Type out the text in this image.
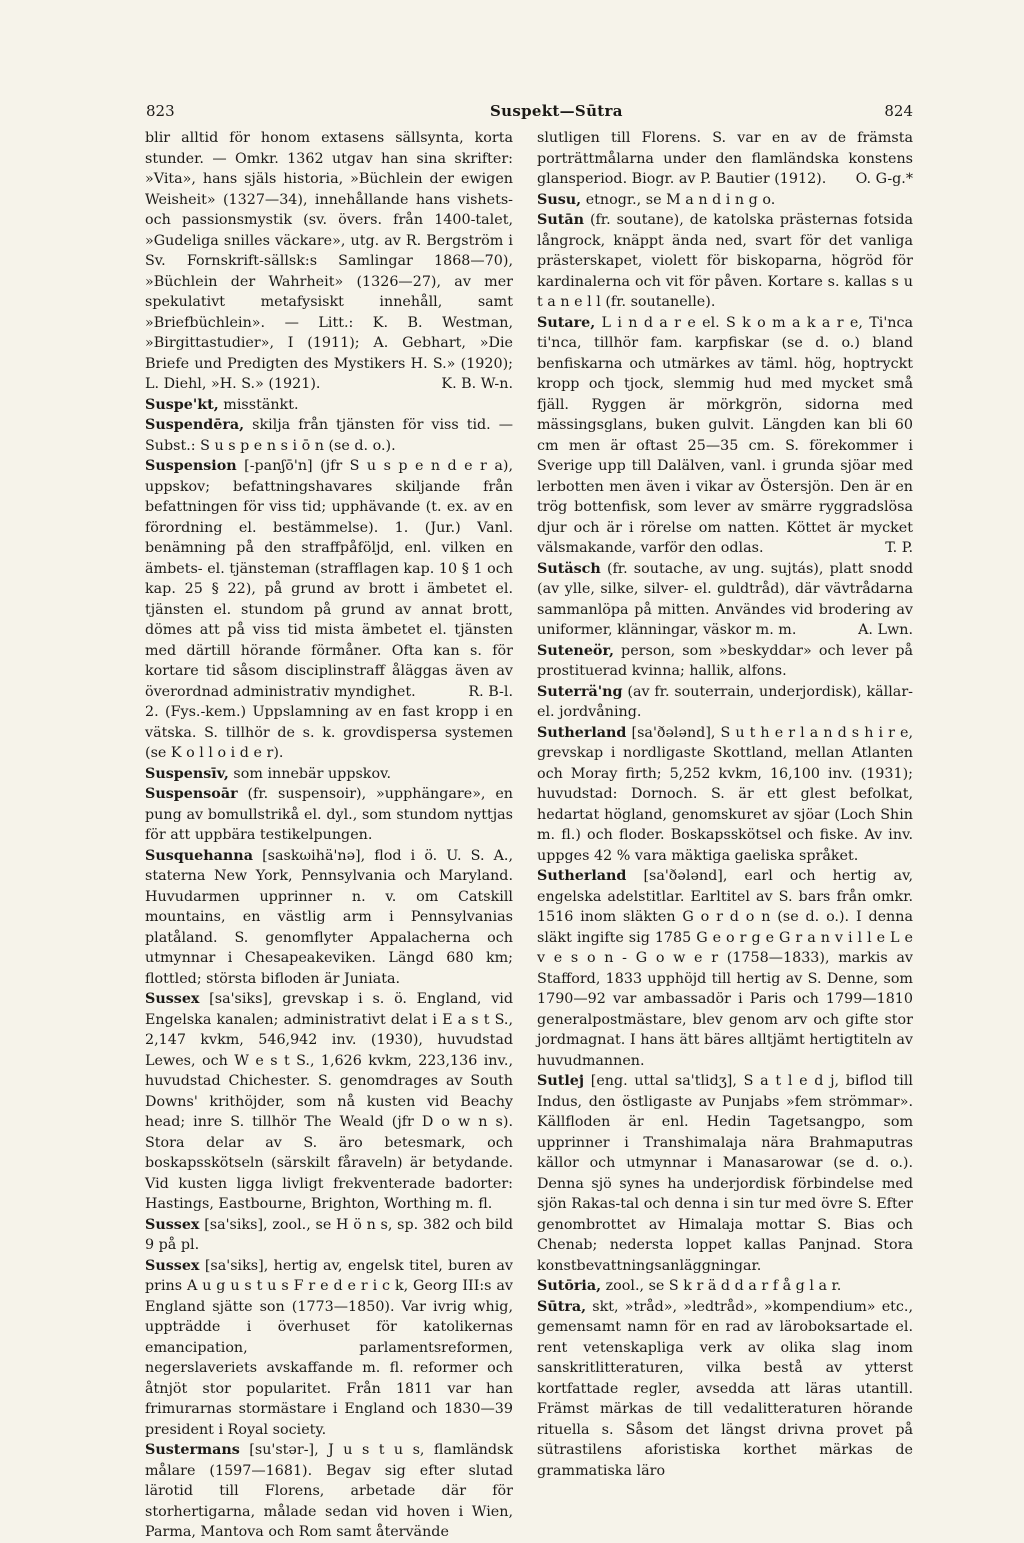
823	Suspekt—Sūtra	824

blir alltid för honom extasens sällsynta, korta stunder. — Omkr. 1362 utgav han sina skrifter: »Vita», hans själs historia, »Büchlein der ewigen Weisheit» (1327—34), innehållande hans vishets- och passionsmystik (sv. övers. från 1400-talet, »Gudeliga snilles väckare», utg. av R. Bergström i Sv. Fornskrift-sällsk:s Samlingar 1868—70), »Büchlein der Wahrheit» (1326—27), av mer spekulativt metafysiskt innehåll, samt »Briefbüchlein». — Litt.: K. B. Westman, »Birgittastudier», I (1911); A. Gebhart, »Die Briefe und Predigten des Mystikers H. S.» (1920); L. Diehl, »H. S.» (1921).	K. B. W-n.

Suspe'kt, misstänkt.

Suspendēra, skilja från tjänsten för viss tid. — Subst.: S u s p e n s i ō n (se d. o.).

Suspension [-panʃō'n] (jfr S u s p e n d e r a), uppskov; befattningshavares skiljande från befattningen för viss tid; upphävande (t. ex. av en förordning el. bestämmelse). 1. (Jur.) Vanl. benämning på den straffpåföljd, enl. vilken en ämbets- el. tjänsteman (strafflagen kap. 10 § 1 och kap. 25 § 22), på grund av brott i ämbetet el. tjänsten el. stundom på grund av annat brott, dömes att på viss tid mista ämbetet el. tjänsten med därtill hörande förmåner. Ofta kan s. för kortare tid såsom disciplinstraff åläggas även av överordnad administrativ myndighet.	R. B-l.

2. (Fys.-kem.) Uppslamning av en fast kropp i en vätska. S. tillhör de s. k. grovdispersa systemen (se K o l l o i d e r).

Suspensīv, som innebär uppskov.

Suspensoār (fr. suspensoir), »upphängare», en pung av bomullstrikå el. dyl., som stundom nyttjas för att uppbära testikelpungen.

Susquehanna [saskωihä'nə], flod i ö. U. S. A., staterna New York, Pennsylvania och Maryland. Huvudarmen upprinner n. v. om Catskill mountains, en västlig arm i Pennsylvanias platåland. S. genomflyter Appalacherna och utmynnar i Chesapeakeviken. Längd 680 km; flottled; största bifloden är Juniata.

Sussex [sa'siks], grevskap i s. ö. England, vid Engelska kanalen; administrativt delat i E a s t S., 2,147 kvkm, 546,942 inv. (1930), huvudstad Lewes, och W e s t S., 1,626 kvkm, 223,136 inv., huvudstad Chichester. S. genomdrages av South Downs' krithöjder, som nå kusten vid Beachy head; inre S. tillhör The Weald (jfr D o w n s). Stora delar av S. äro betesmark, och boskapsskötseln (särskilt fåraveln) är betydande. Vid kusten ligga livligt frekventerade badorter: Hastings, Eastbourne, Brighton, Worthing m. fl.

Sussex [sa'siks], zool., se H ö n s, sp. 382 och bild 9 på pl.

Sussex [sa'siks], hertig av, engelsk titel, buren av prins A u g u s t u s F r e d e r i c k, Georg III:s av England sjätte son (1773—1850). Var ivrig whig, uppträdde i överhuset för katolikernas emancipation, parlamentsreformen, negerslaveriets avskaffande m. fl. reformer och åtnjöt stor popularitet. Från 1811 var han frimurarnas stormästare i England och 1830—39 president i Royal society.

Sustermans [su'stər-], J u s t u s, flamländsk målare (1597—1681). Begav sig efter slutad lärotid till Florens, arbetade där för storhertigarna, målade sedan vid hoven i Wien, Parma, Mantova och Rom samt återvände

slutligen till Florens. S. var en av de främsta porträttmålarna under den flamländska konstens glansperiod. Biogr. av P. Bautier (1912). O. G-g.*

Susu, etnogr., se M a n d i n g o.

Sutān (fr. soutane), de katolska prästernas fotsida långrock, knäppt ända ned, svart för det vanliga prästerskapet, violett för biskoparna, högröd för kardinalerna och vit för påven. Kortare s. kallas s u t a n e l l (fr. soutanelle).

Sutare, L i n d a r e el. S k o m a k a r e, Ti'nca ti'nca, tillhör fam. karpfiskar (se d. o.) bland benfiskarna och utmärkes av täml. hög, hoptryckt kropp och tjock, slemmig hud med mycket små fjäll. Ryggen är mörkgrön, sidorna med mässingsglans, buken gulvit. Längden kan bli 60 cm men är oftast 25—35 cm. S. förekommer i Sverige upp till Dalälven, vanl. i grunda sjöar med lerbotten men även i vikar av Östersjön. Den är en trög bottenfisk, som lever av smärre ryggradslösa djur och är i rörelse om natten. Köttet är mycket välsmakande, varför den odlas.	T. P.

Sutäsch (fr. soutache, av ung. sujtás), platt snodd (av ylle, silke, silver- el. guldtråd), där vävtrådarna sammanlöpa på mitten. Användes vid brodering av uniformer, klänningar, väskor m. m.	A. Lwn.

Suteneör, person, som »beskyddar» och lever på prostituerad kvinna; hallik, alfons.

Suterrä'ng (av fr. souterrain, underjordisk), källar- el. jordvåning.

Sutherland [sa'ðələnd], S u t h e r l a n d s h i r e, grevskap i nordligaste Skottland, mellan Atlanten och Moray firth; 5,252 kvkm, 16,100 inv. (1931); huvudstad: Dornoch. S. är ett glest befolkat, hedartat högland, genomskuret av sjöar (Loch Shin m. fl.) och floder. Boskapsskötsel och fiske. Av inv. uppges 42 % vara mäktiga gaeliska språket.

Sutherland [sa'ðələnd], earl och hertig av, engelska adelstitlar. Earltitel av S. bars från omkr. 1516 inom släkten G o r d o n (se d. o.). I denna släkt ingifte sig 1785 G e o r g e G r a n v i l l e L e v e s o n - G o w e r (1758—1833), markis av Stafford, 1833 upphöjd till hertig av S. Denne, som 1790—92 var ambassadör i Paris och 1799—1810 generalpostmästare, blev genom arv och gifte stor jordmagnat. I hans ätt bäres alltjämt hertigtiteln av huvudmannen.

Sutlej [eng. uttal sa'tlidʒ], S a t l e d j, biflod till Indus, den östligaste av Punjabs »fem strömmar». Källfloden är enl. Hedin Tagetsangpo, som upprinner i Transhimalaja nära Brahmaputras källor och utmynnar i Manasarowar (se d. o.). Denna sjö synes ha underjordisk förbindelse med sjön Rakas-tal och denna i sin tur med övre S. Efter genombrottet av Himalaja mottar S. Bias och Chenab; nedersta loppet kallas Panjnad. Stora konstbevattningsanläggningar.

Sutōria, zool., se S k r ä d d a r f å g l a r.

Sūtra, skt, »tråd», »ledtråd», »kompendium» etc., gemensamt namn för en rad av läroboksartade el. rent vetenskapliga verk av olika slag inom sanskritlitteraturen, vilka bestå av ytterst kortfattade regler, avsedda att läras utantill. Främst märkas de till vedalitteraturen hörande rituella s. Såsom det längst drivna provet på sütrastilens aforistiska korthet märkas de grammatiska läro
